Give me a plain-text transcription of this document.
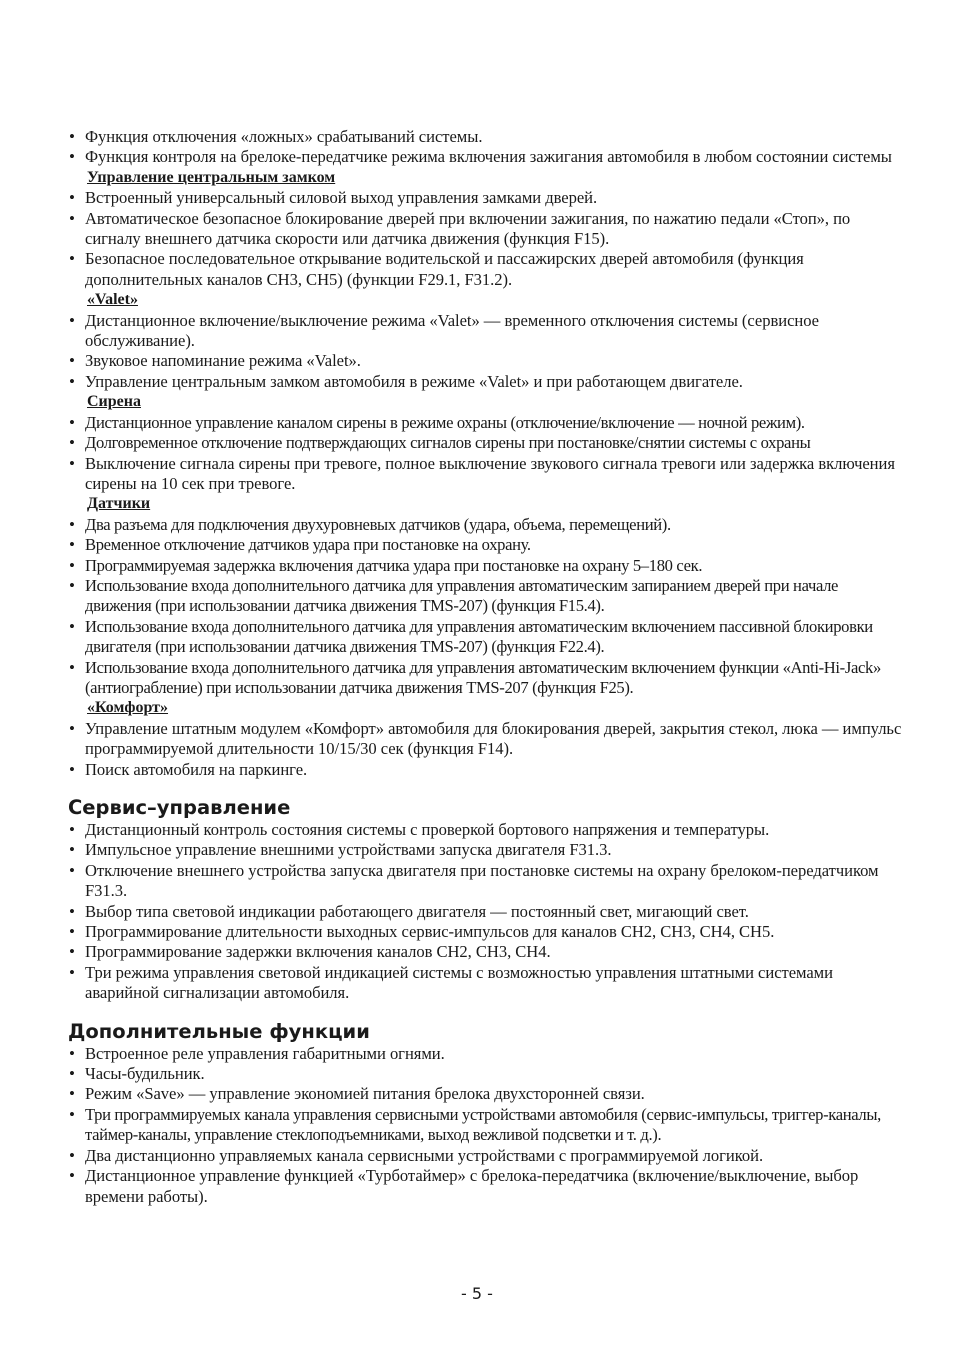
• Функция отключения «ложных» срабатываний системы.
• Функция контроля на брелоке-передатчике режима включения зажигания автомобиля в любом состоянии системы
Управление центральным замком
• Встроенный универсальный силовой выход управления замками дверей.
• Автоматическое безопасное блокирование дверей при включении зажигания, по нажатию педали «Стоп», по сигналу внешнего датчика скорости или датчика движения (функция F15).
• Безопасное последовательное открывание водительской и пассажирских дверей автомобиля (функция дополнительных каналов CH3, CH5) (функции F29.1, F31.2).
«Valet»
• Дистанционное включение/выключение режима «Valet» — временного отключения системы (сервисное обслуживание).
• Звуковое напоминание режима «Valet».
• Управление центральным замком автомобиля в режиме «Valet» и при работающем двигателе.
Сирена
• Дистанционное управление каналом сирены в режиме охраны (отключение/включение — ночной режим).
• Долговременное отключение подтверждающих сигналов сирены при постановке/снятии системы с охраны
• Выключение сигнала сирены при тревоге, полное выключение звукового сигнала тревоги или задержка включения сирены на 10 сек при тревоге.
Датчики
• Два разъема для подключения двухуровневых датчиков (удара, объема, перемещений).
• Временное отключение датчиков удара при постановке на охрану.
• Программируемая задержка включения датчика удара при постановке на охрану 5–180 сек.
• Использование входа дополнительного датчика для управления автоматическим запиранием дверей при начале движения (при использовании датчика движения TMS-207) (функция F15.4).
• Использование входа дополнительного датчика для управления автоматическим включением пассивной блокировки двигателя (при использовании датчика движения TMS-207) (функция F22.4).
• Использование входа дополнительного датчика для управления автоматическим включением функции «Anti-Hi-Jack» (антиограбление) при использовании датчика движения TMS-207 (функция F25).
«Комфорт»
• Управление штатным модулем «Комфорт» автомобиля для блокирования дверей, закрытия стекол, люка — импульс программируемой длительности 10/15/30 сек (функция F14).
• Поиск автомобиля на паркинге.
Сервис–управление
• Дистанционный контроль состояния системы с проверкой бортового напряжения и температуры.
• Импульсное управление внешними устройствами запуска двигателя F31.3.
• Отключение внешнего устройства запуска двигателя при постановке системы на охрану брелоком-передатчиком F31.3.
• Выбор типа световой индикации работающего двигателя — постоянный свет, мигающий свет.
• Программирование длительности выходных сервис-импульсов для каналов CH2, CH3, CH4, CH5.
• Программирование задержки включения каналов CH2, CH3, CH4.
• Три режима управления световой индикацией системы с возможностью управления штатными системами аварийной сигнализации автомобиля.
Дополнительные функции
• Встроенное реле управления габаритными огнями.
• Часы-будильник.
• Режим «Save» — управление экономией питания брелока двухсторонней связи.
• Три программируемых канала управления сервисными устройствами автомобиля (сервис-импульсы, триггер-каналы, таймер-каналы, управление стеклоподъемниками, выход вежливой подсветки и т. д.).
• Два дистанционно управляемых канала сервисными устройствами с программируемой логикой.
• Дистанционное управление функцией «Турботаймер» с брелока-передатчика (включение/выключение, выбор времени работы).
- 5 -
